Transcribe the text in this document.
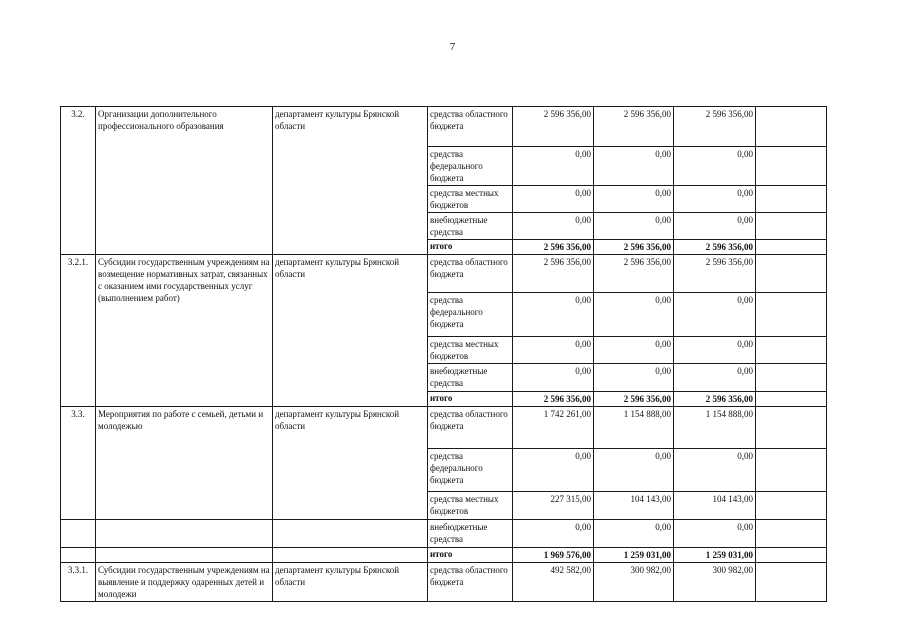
7
3.2.	Организации дополнительного профессионального образования	департамент культуры Брянской области	средства областного бюджета	2 596 356,00	2 596 356,00	2 596 356,00	
			средства федерального бюджета	0,00	0,00	0,00	
			средства местных бюджетов	0,00	0,00	0,00	
			внебюджетные средства	0,00	0,00	0,00	
			итого	2 596 356,00	2 596 356,00	2 596 356,00	
3.2.1.	Субсидии государственным учреждениям на возмещение нормативных затрат, связанных с оказанием ими государственных услуг (выполнением работ)	департамент культуры Брянской области	средства областного бюджета	2 596 356,00	2 596 356,00	2 596 356,00	
			средства федерального бюджета	0,00	0,00	0,00	
			средства местных бюджетов	0,00	0,00	0,00	
			внебюджетные средства	0,00	0,00	0,00	
			итого	2 596 356,00	2 596 356,00	2 596 356,00	
3.3.	Мероприятия по работе с семьей, детьми и молодежью	департамент культуры Брянской области	средства областного бюджета	1 742 261,00	1 154 888,00	1 154 888,00	
			средства федерального бюджета	0,00	0,00	0,00	
			средства местных бюджетов	227 315,00	104 143,00	104 143,00	
			внебюджетные средства	0,00	0,00	0,00	
			итого	1 969 576,00	1 259 031,00	1 259 031,00	
3.3.1.	Субсидии государственным учреждениям на выявление и поддержку одаренных детей и молодежи	департамент культуры Брянской области	средства областного бюджета	492 582,00	300 982,00	300 982,00	
